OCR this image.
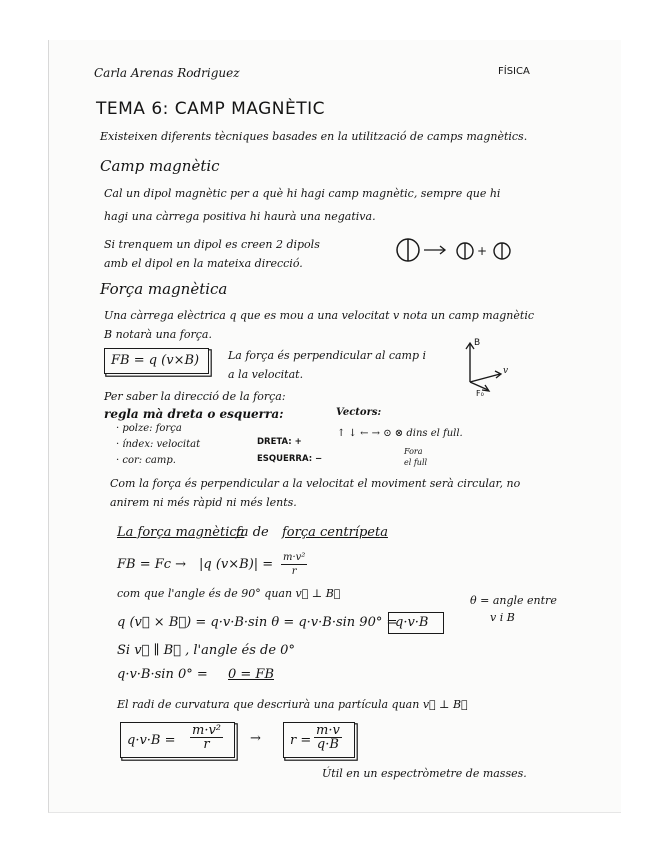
Carla Arenas Rodriguez	FÍSICA
TEMA 6: CAMP MAGNÈTIC
Existeixen diferents tècniques basades en la utilització de camps magnètics.
Camp magnètic
Cal un dipol magnètic per a què hi hagi camp magnètic, sempre que hi
hagi una càrrega positiva hi haurà una negativa.
Si trenquem un dipol es creen 2 dipols
amb el dipol en la mateixa direcció.
+
Força magnètica
Una càrrega elèctrica q que es mou a una velocitat v nota un camp magnètic
B notarà una força.
FB = q (v×B)	La força és perpendicular al camp i
a la velocitat.
B
v
F₀
Per saber la direcció de la força:
regla mà dreta o esquerra:
· polze: força
· índex: velocitat
· cor: camp.
DRETA: +
ESQUERRA: −
Vectors:
↑ ↓ ← → ⊙ ⊗ dins el full.
Fora
el full
Com la força és perpendicular a la velocitat el moviment serà circular, no
anirem ni més ràpid ni més lents.
La força magnètica
fa de força centrípeta
FB = Fc → |q $(v\times B)| = \frac{\text{m·v²}}{r}$
com que l'angle és de 90° quan v⃗ ⊥ B⃗
q (v⃗ × B⃗) = q·v·B·sin θ = q·v·B·sin 90° =
q·v·B
θ = angle entre
v i B
Si v⃗ ∥ B⃗ , l'angle és de 0°
q·v·B·sin 0° = 0 = FB
El radi de curvatura que descriurà una partícula quan v⃗ ⊥ B⃗
$q\cdot v\cdot B = \frac{\text{m·v²}}{r} \to r = \frac{m\cdot v}{q\cdot B}$
Útil en un espectròmetre de masses.
